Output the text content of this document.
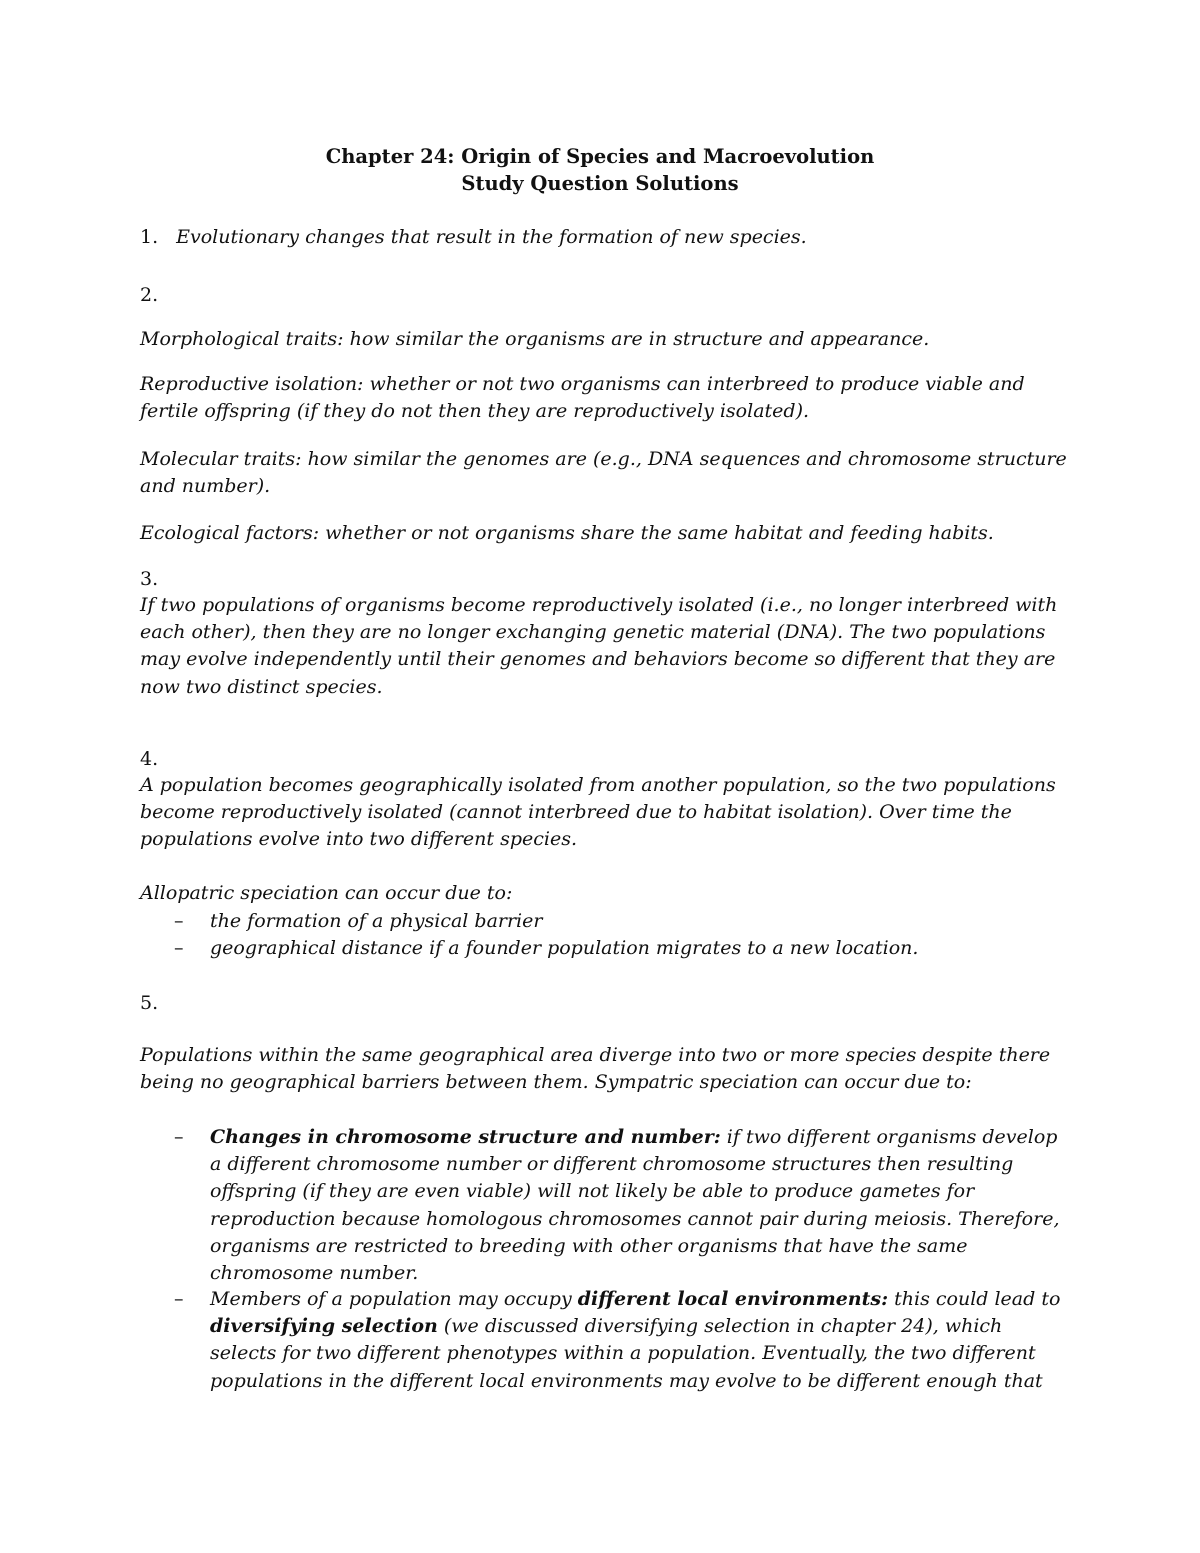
Chapter 24: Origin of Species and Macroevolution
Study Question Solutions
1. Evolutionary changes that result in the formation of new species.
2.
Morphological traits: how similar the organisms are in structure and appearance.
Reproductive isolation: whether or not two organisms can interbreed to produce viable and fertile offspring (if they do not then they are reproductively isolated).
Molecular traits: how similar the genomes are (e.g., DNA sequences and chromosome structure and number).
Ecological factors: whether or not organisms share the same habitat and feeding habits.
3.
If two populations of organisms become reproductively isolated (i.e., no longer interbreed with each other), then they are no longer exchanging genetic material (DNA). The two populations may evolve independently until their genomes and behaviors become so different that they are now two distinct species.
4.
A population becomes geographically isolated from another population, so the two populations become reproductively isolated (cannot interbreed due to habitat isolation). Over time the populations evolve into two different species.
Allopatric speciation can occur due to:
– the formation of a physical barrier
– geographical distance if a founder population migrates to a new location.
5.
Populations within the same geographical area diverge into two or more species despite there being no geographical barriers between them. Sympatric speciation can occur due to:
– Changes in chromosome structure and number: if two different organisms develop a different chromosome number or different chromosome structures then resulting offspring (if they are even viable) will not likely be able to produce gametes for reproduction because homologous chromosomes cannot pair during meiosis. Therefore, organisms are restricted to breeding with other organisms that have the same chromosome number.
– Members of a population may occupy different local environments: this could lead to diversifying selection (we discussed diversifying selection in chapter 24), which selects for two different phenotypes within a population. Eventually, the two different populations in the different local environments may evolve to be different enough that
